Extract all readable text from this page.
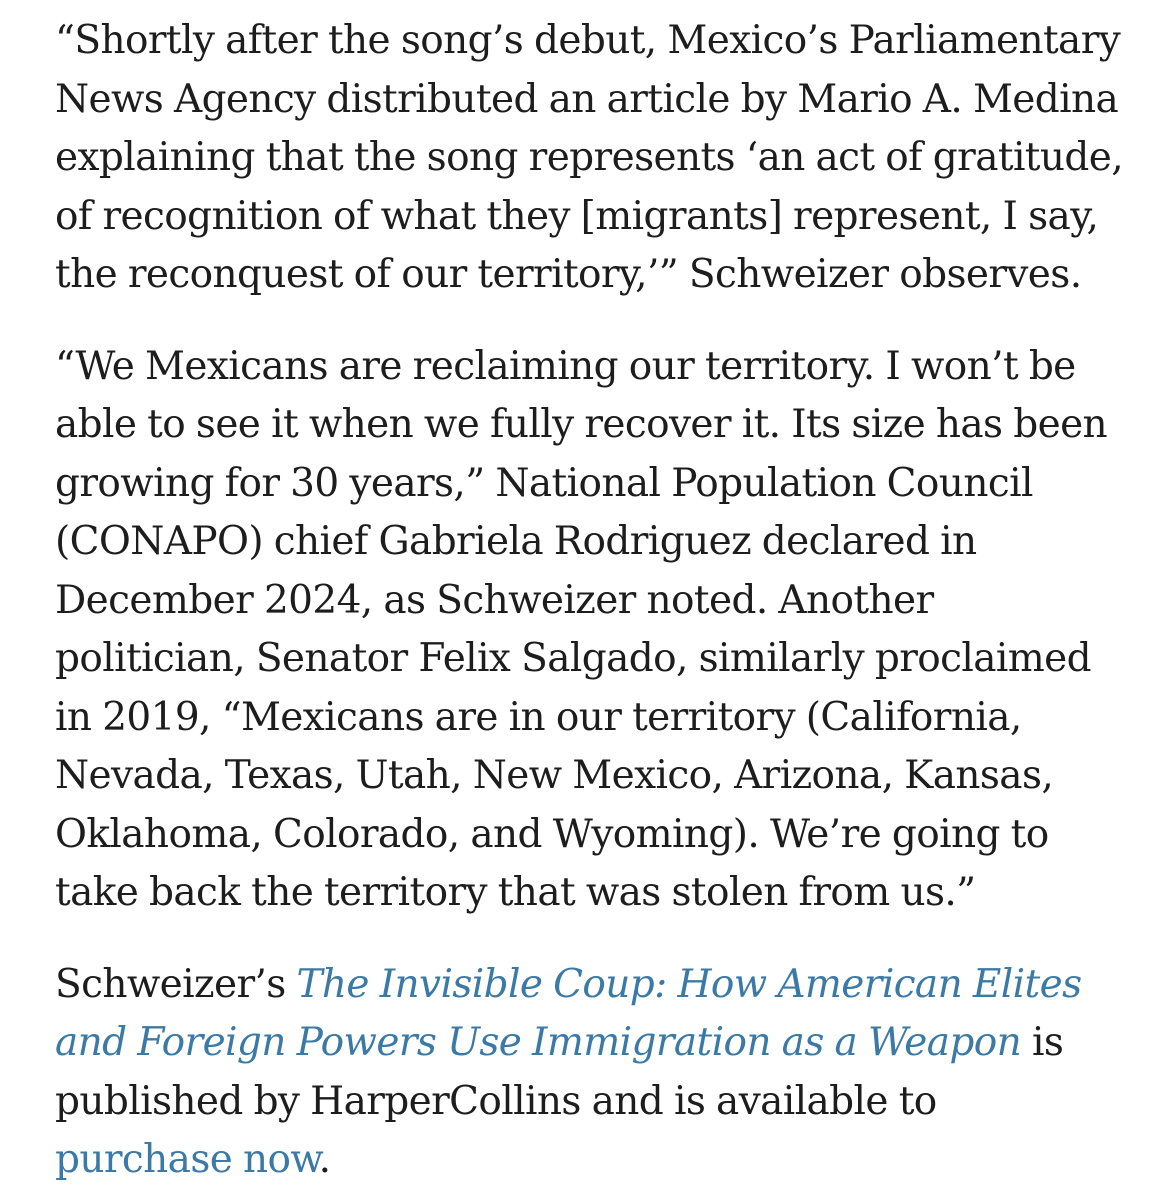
“Shortly after the song’s debut, Mexico’s Parliamentary
News Agency distributed an article by Mario A. Medina
explaining that the song represents ‘an act of gratitude,
of recognition of what they [migrants] represent, I say,
the reconquest of our territory,’” Schweizer observes.

“We Mexicans are reclaiming our territory. I won’t be
able to see it when we fully recover it. Its size has been
growing for 30 years,” National Population Council
(CONAPO) chief Gabriela Rodriguez declared in
December 2024, as Schweizer noted. Another
politician, Senator Felix Salgado, similarly proclaimed
in 2019, “Mexicans are in our territory (California,
Nevada, Texas, Utah, New Mexico, Arizona, Kansas,
Oklahoma, Colorado, and Wyoming). We’re going to
take back the territory that was stolen from us.”

Schweizer’s The Invisible Coup: How American Elites
and Foreign Powers Use Immigration as a Weapon is
published by HarperCollins and is available to
purchase now.
